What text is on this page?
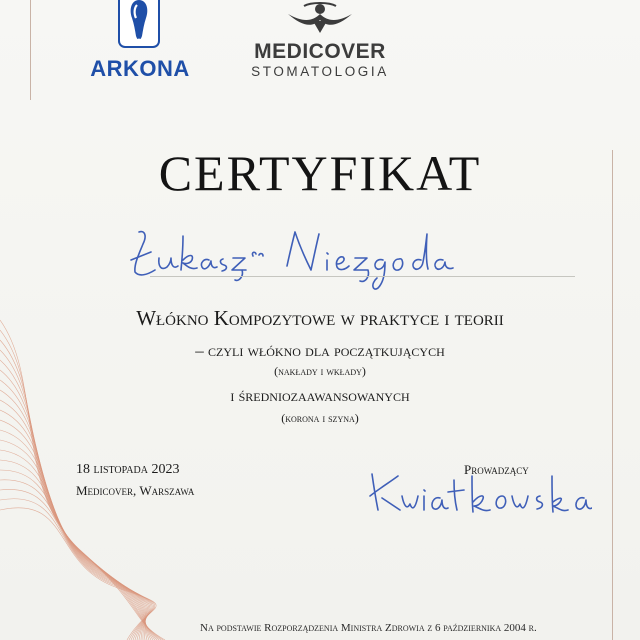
ARKONA
MEDICOVER
STOMATOLOGIA
CERTYFIKAT
Włókno Kompozytowe w praktyce i teorii
– czyli włókno dla początkujących
(nakłady i wkłady)
i średniozaawansowanych
(korona i szyna)
18 listopada 2023
Medicover, Warszawa
Prowadzący
Na podstawie Rozporządzenia Ministra Zdrowia z 6 października 2004 r.
